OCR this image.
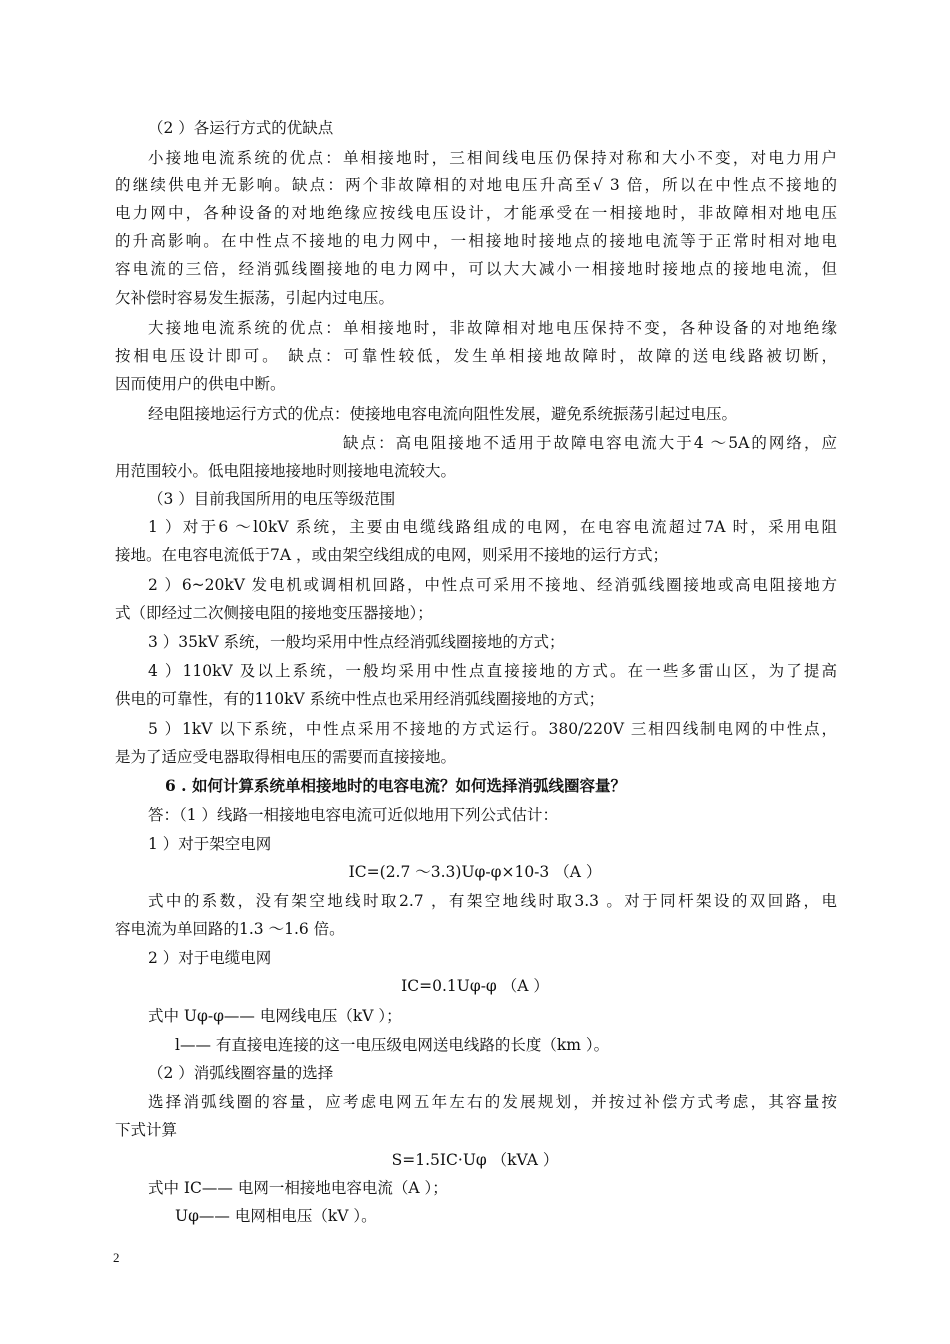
（2 ）各运行方式的优缺点
小接地电流系统的优点：单相接地时，三相间线电压仍保持对称和大小不变，对电力用户
的继续供电并无影响。缺点：两个非故障相的对地电压升高至√ 3 倍，所以在中性点不接地的
电力网中，各种设备的对地绝缘应按线电压设计，才能承受在一相接地时，非故障相对地电压
的升高影响。在中性点不接地的电力网中，一相接地时接地点的接地电流等于正常时相对地电
容电流的三倍，经消弧线圈接地的电力网中，可以大大减小一相接地时接地点的接地电流，但
欠补偿时容易发生振荡，引起内过电压。
大接地电流系统的优点：单相接地时，非故障相对地电压保持不变，各种设备的对地绝缘
按相电压设计即可。 缺点：可靠性较低，发生单相接地故障时，故障的送电线路被切断，
因而使用户的供电中断。
经电阻接地运行方式的优点：使接地电容电流向阻性发展，避免系统振荡引起过电压。
缺点：高电阻接地不适用于故障电容电流大于4 ～5A的网络，应
用范围较小。低电阻接地接地时则接地电流较大。
（3 ）目前我国所用的电压等级范围
1 ）对于6 ～l0kV 系统，主要由电缆线路组成的电网，在电容电流超过7A 时，采用电阻
接地。在电容电流低于7A ，或由架空线组成的电网，则采用不接地的运行方式；
2 ）6~20kV 发电机或调相机回路，中性点可采用不接地、经消弧线圈接地或高电阻接地方
式（即经过二次侧接电阻的接地变压器接地）；
3 ）35kV 系统，一般均采用中性点经消弧线圈接地的方式；
4 ）110kV 及以上系统，一般均采用中性点直接接地的方式。在一些多雷山区，为了提高
供电的可靠性，有的110kV 系统中性点也采用经消弧线圈接地的方式；
5 ）1kV 以下系统，中性点采用不接地的方式运行。380/220V 三相四线制电网的中性点，
是为了适应受电器取得相电压的需要而直接接地。
6 . 如何计算系统单相接地时的电容电流？如何选择消弧线圈容量？
答：（1 ）线路一相接地电容电流可近似地用下列公式估计：
1 ）对于架空电网
IC=(2.7 ～3.3)Uφ-φ×10-3 （A ）
式中的系数，没有架空地线时取2.7 ，有架空地线时取3.3 。对于同杆架设的双回路，电
容电流为单回路的1.3 ～1.6 倍。
2 ）对于电缆电网
IC=0.1Uφ-φ （A ）
式中 Uφ-φ—— 电网线电压（kV ）；
l—— 有直接电连接的这一电压级电网送电线路的长度（km ）。
（2 ）消弧线圈容量的选择
选择消弧线圈的容量，应考虑电网五年左右的发展规划，并按过补偿方式考虑，其容量按
下式计算
S=1.5IC·Uφ （kVA ）
式中 IC—— 电网一相接地电容电流（A ）；
Uφ—— 电网相电压（kV ）。
2
